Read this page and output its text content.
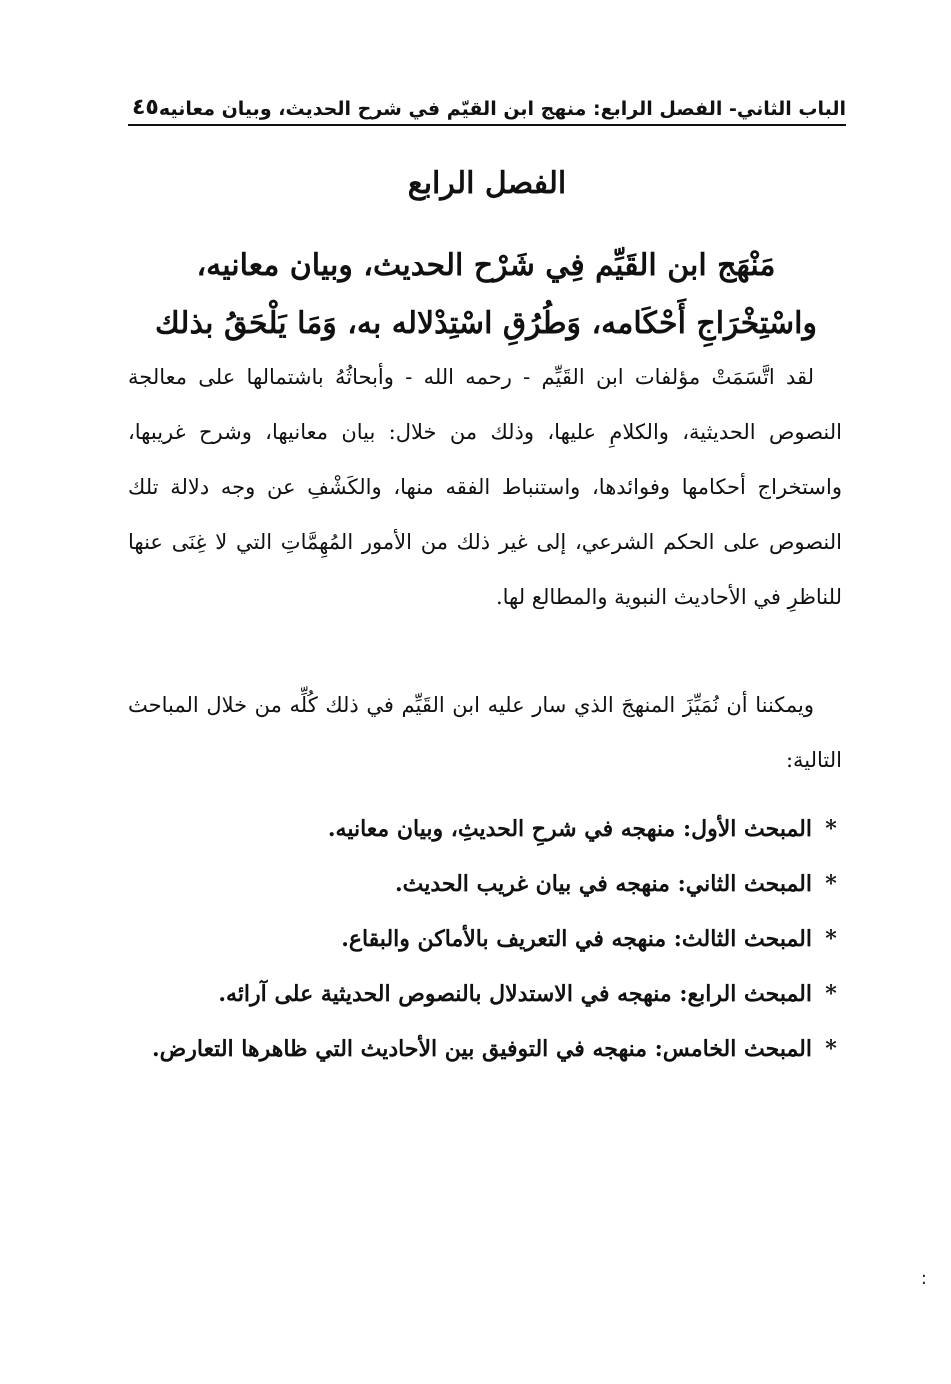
الباب الثاني- الفصل الرابع: منهج ابن القيّم في شرح الحديث، وبيان معانيه
٤٥
الفصل الرابع
مَنْهَج ابن القَيِّم فِي شَرْح الحديث، وبيان معانيه، واسْتِخْرَاجِ أَحْكَامه، وَطُرُقِ اسْتِدْلاله به، وَمَا يَلْحَقُ بذلك

لقد اتَّسَمَتْ مؤلفات ابن القَيِّم - رحمه الله - وأبحاثُهُ باشتمالها على معالجة النصوص الحديثية، والكلامِ عليها، وذلك من خلال: بيان معانيها، وشرح غريبها، واستخراج أحكامها وفوائدها، واستنباط الفقه منها، والكَشْفِ عن وجه دلالة تلك النصوص على الحكم الشرعي، إلى غير ذلك من الأمور المُهِمَّاتِ التي لا غِنَى عنها للناظرِ في الأحاديث النبوية والمطالع لها.

ويمكننا أن نُمَيِّزَ المنهجَ الذي سار عليه ابن القَيِّم في ذلك كُلِّه من خلال المباحث التالية:

*
المبحث الأول: منهجه في شرحِ الحديثِ، وبيان معانيه.
*
المبحث الثاني: منهجه في بيان غريب الحديث.
*
المبحث الثالث: منهجه في التعريف بالأماكن والبقاع.
*
المبحث الرابع: منهجه في الاستدلال بالنصوص الحديثية على آرائه.
*
المبحث الخامس: منهجه في التوفيق بين الأحاديث التي ظاهرها التعارض.
:
